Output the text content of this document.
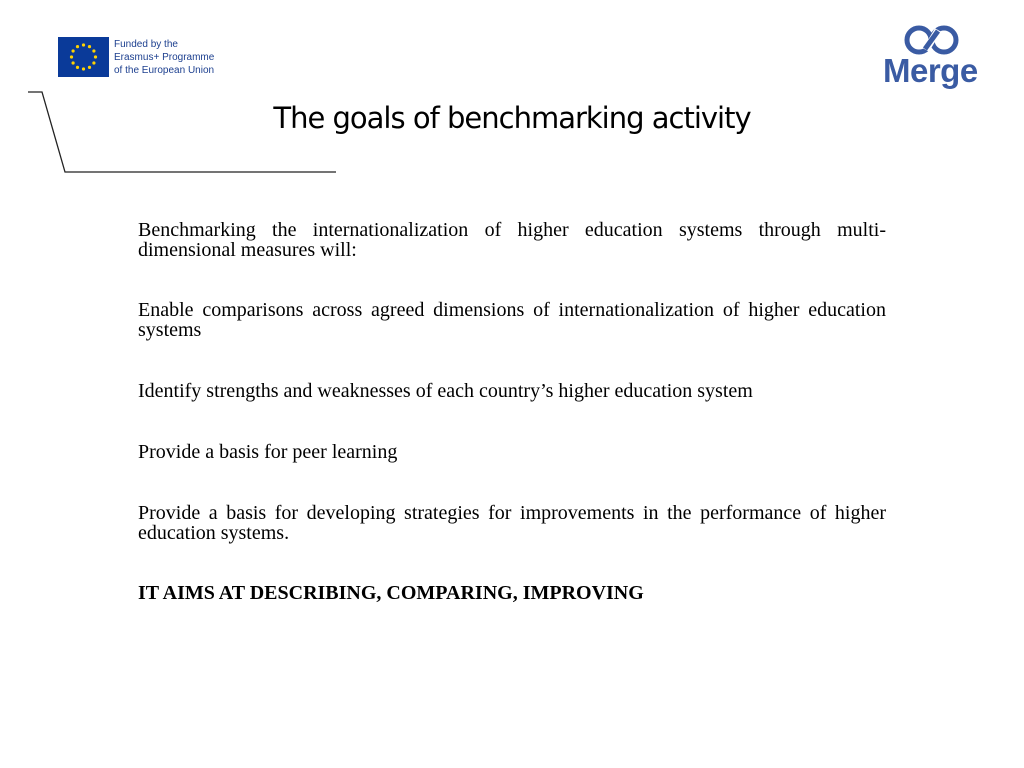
Funded by the
Erasmus+ Programme
of the European Union	Merge
The goals of benchmarking activity

Benchmarking the internationalization of higher education systems through multi-dimensional measures will:

Enable comparisons across agreed dimensions of internationalization of higher education systems

Identify strengths and weaknesses of each country’s higher education system

Provide a basis for peer learning

Provide a basis for developing strategies for improvements in the performance of higher education systems.

IT AIMS AT DESCRIBING, COMPARING, IMPROVING
